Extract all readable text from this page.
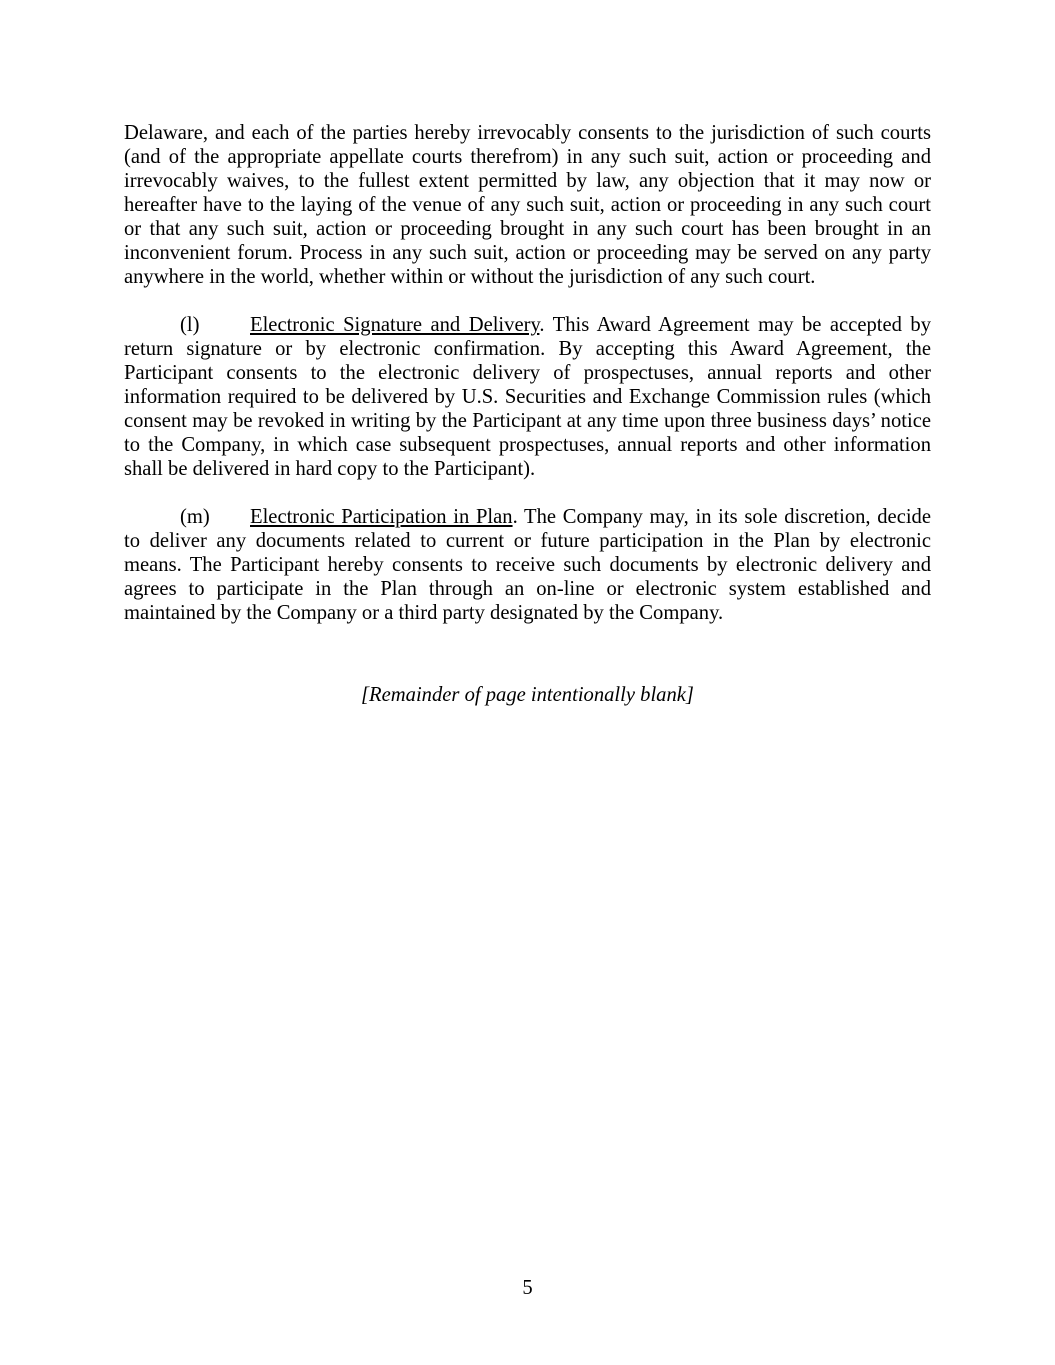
Delaware, and each of the parties hereby irrevocably consents to the jurisdiction of such courts (and of the appropriate appellate courts therefrom) in any such suit, action or proceeding and irrevocably waives, to the fullest extent permitted by law, any objection that it may now or hereafter have to the laying of the venue of any such suit, action or proceeding in any such court or that any such suit, action or proceeding brought in any such court has been brought in an inconvenient forum. Process in any such suit, action or proceeding may be served on any party anywhere in the world, whether within or without the jurisdiction of any such court.

(l) Electronic Signature and Delivery. This Award Agreement may be accepted by return signature or by electronic confirmation. By accepting this Award Agreement, the Participant consents to the electronic delivery of prospectuses, annual reports and other information required to be delivered by U.S. Securities and Exchange Commission rules (which consent may be revoked in writing by the Participant at any time upon three business days’ notice to the Company, in which case subsequent prospectuses, annual reports and other information shall be delivered in hard copy to the Participant).

(m) Electronic Participation in Plan. The Company may, in its sole discretion, decide to deliver any documents related to current or future participation in the Plan by electronic means. The Participant hereby consents to receive such documents by electronic delivery and agrees to participate in the Plan through an on-line or electronic system established and maintained by the Company or a third party designated by the Company.

[Remainder of page intentionally blank]

5
